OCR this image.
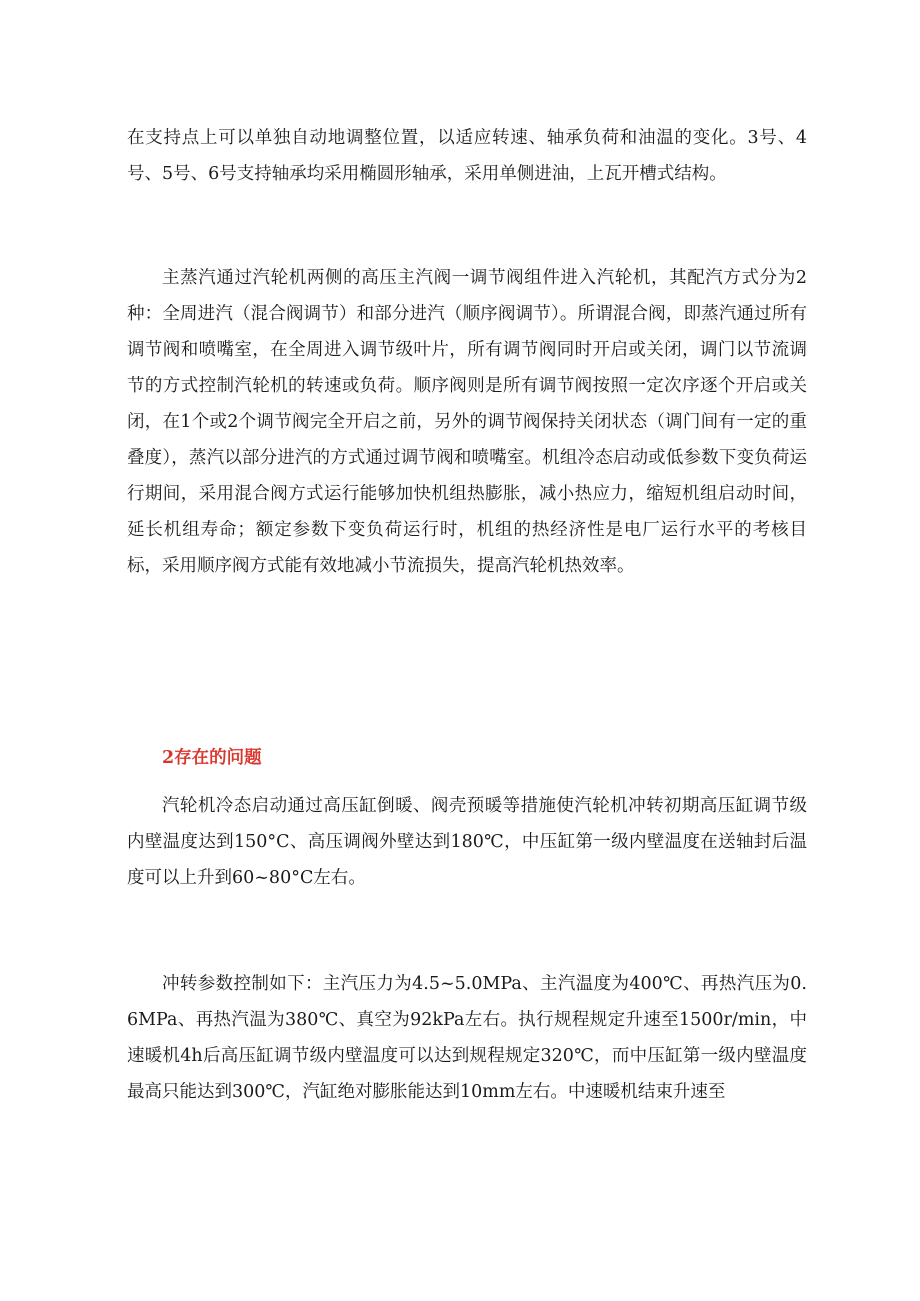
在支持点上可以单独自动地调整位置，以适应转速、轴承负荷和油温的变化。3号、4号、5号、6号支持轴承均采用椭圆形轴承，采用单侧进油，上瓦开槽式结构。

主蒸汽通过汽轮机两侧的高压主汽阀一调节阀组件进入汽轮机，其配汽方式分为2种：全周进汽（混合阀调节）和部分进汽（顺序阀调节）。所谓混合阀，即蒸汽通过所有调节阀和喷嘴室，在全周进入调节级叶片，所有调节阀同时开启或关闭，调门以节流调节的方式控制汽轮机的转速或负荷。顺序阀则是所有调节阀按照一定次序逐个开启或关闭，在1个或2个调节阀完全开启之前，另外的调节阀保持关闭状态（调门间有一定的重叠度），蒸汽以部分进汽的方式通过调节阀和喷嘴室。机组冷态启动或低参数下变负荷运行期间，采用混合阀方式运行能够加快机组热膨胀，减小热应力，缩短机组启动时间，延长机组寿命；额定参数下变负荷运行时，机组的热经济性是电厂运行水平的考核目标，采用顺序阀方式能有效地减小节流损失，提高汽轮机热效率。

2存在的问题

汽轮机冷态启动通过高压缸倒暖、阀壳预暖等措施使汽轮机冲转初期高压缸调节级内壁温度达到150°C、高压调阀外壁达到180℃，中压缸第一级内壁温度在送轴封后温度可以上升到60~80°C左右。

冲转参数控制如下：主汽压力为4.5~5.0MPa、主汽温度为400℃、再热汽压为0.6MPa、再热汽温为380℃、真空为92kPa左右。执行规程规定升速至1500r/min，中速暖机4h后高压缸调节级内壁温度可以达到规程规定320℃，而中压缸第一级内壁温度最高只能达到300℃，汽缸绝对膨胀能达到10mm左右。中速暖机结束升速至
